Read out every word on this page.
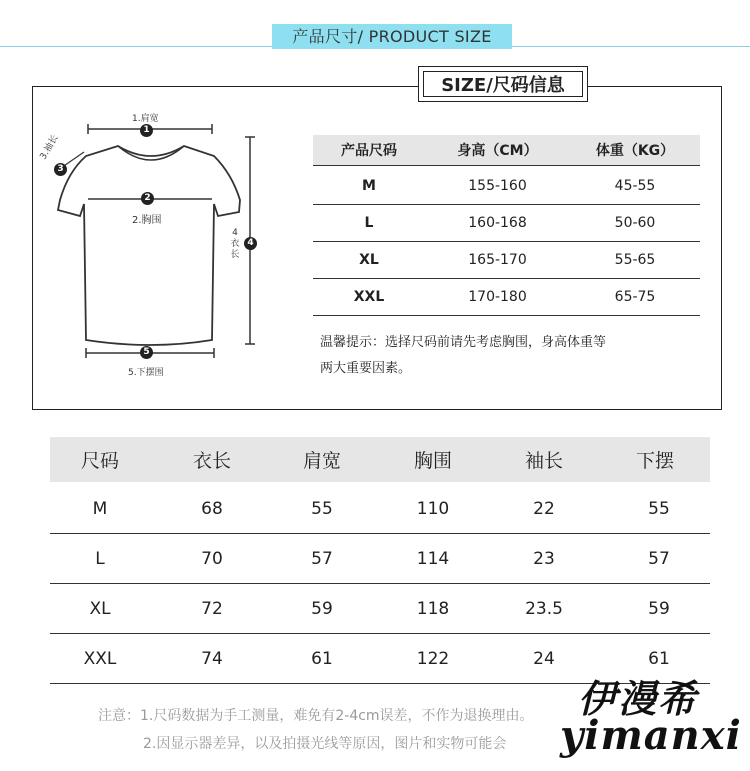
产品尺寸/ PRODUCT SIZE
SIZE/尺码信息
1.肩宽
1
3.袖长
3
2
2.胸围
4 衣 长
4
5
5.下摆围
产品尺码	身高（CM）	体重（KG）
M	155-160	45-55
L	160-168	50-60
XL	165-170	55-65
XXL	170-180	65-75
温馨提示：选择尺码前请先考虑胸围，身高体重等
两大重要因素。
尺码	衣长	肩宽	胸围	袖长	下摆
M	68	55	110	22	55
L	70	57	114	23	57
XL	72	59	118	23.5	59
XXL	74	61	122	24	61
注意：1.尺码数据为手工测量，难免有2-4cm误差，不作为退换理由。
2.因显示器差异，以及拍摄光线等原因，图片和实物可能会
伊漫希
yimanxi
